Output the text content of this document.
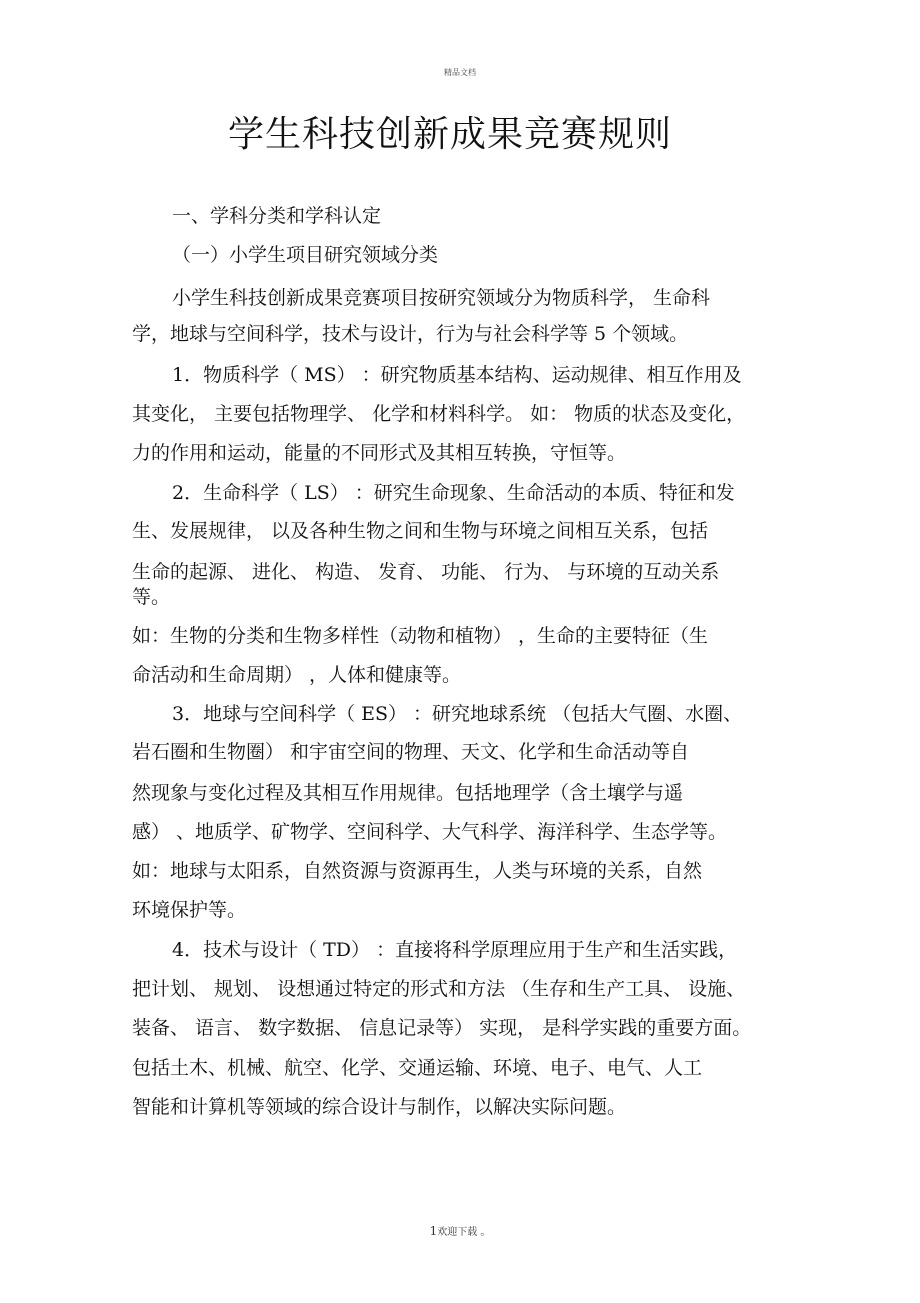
精品文档
学生科技创新成果竞赛规则
一、学科分类和学科认定
（一）小学生项目研究领域分类
小学生科技创新成果竞赛项目按研究领域分为物质科学， 生命科
学，地球与空间科学，技术与设计，行为与社会科学等 5 个领域。
1．物质科学（ MS） ：研究物质基本结构、运动规律、相互作用及
其变化， 主要包括物理学、 化学和材料科学。 如： 物质的状态及变化，
力的作用和运动，能量的不同形式及其相互转换，守恒等。
2．生命科学（ LS） ：研究生命现象、生命活动的本质、特征和发
生、发展规律， 以及各种生物之间和生物与环境之间相互关系，包括
生命的起源、 进化、 构造、 发育、 功能、 行为、 与环境的互动关系
等。
如：生物的分类和生物多样性（动物和植物） ，生命的主要特征（生
命活动和生命周期） ，人体和健康等。
3．地球与空间科学（ ES） ：研究地球系统 （包括大气圈、水圈、
岩石圈和生物圈） 和宇宙空间的物理、天文、化学和生命活动等自
然现象与变化过程及其相互作用规律。包括地理学（含土壤学与遥
感） 、地质学、矿物学、空间科学、大气科学、海洋科学、生态学等。
如：地球与太阳系，自然资源与资源再生，人类与环境的关系，自然
环境保护等。
4．技术与设计（ TD） ：直接将科学原理应用于生产和生活实践，
把计划、 规划、 设想通过特定的形式和方法 （生存和生产工具、 设施、
装备、 语言、 数字数据、 信息记录等） 实现， 是科学实践的重要方面。
包括土木、机械、航空、化学、交通运输、环境、电子、电气、人工
智能和计算机等领域的综合设计与制作，以解决实际问题。
1欢迎下载 。
